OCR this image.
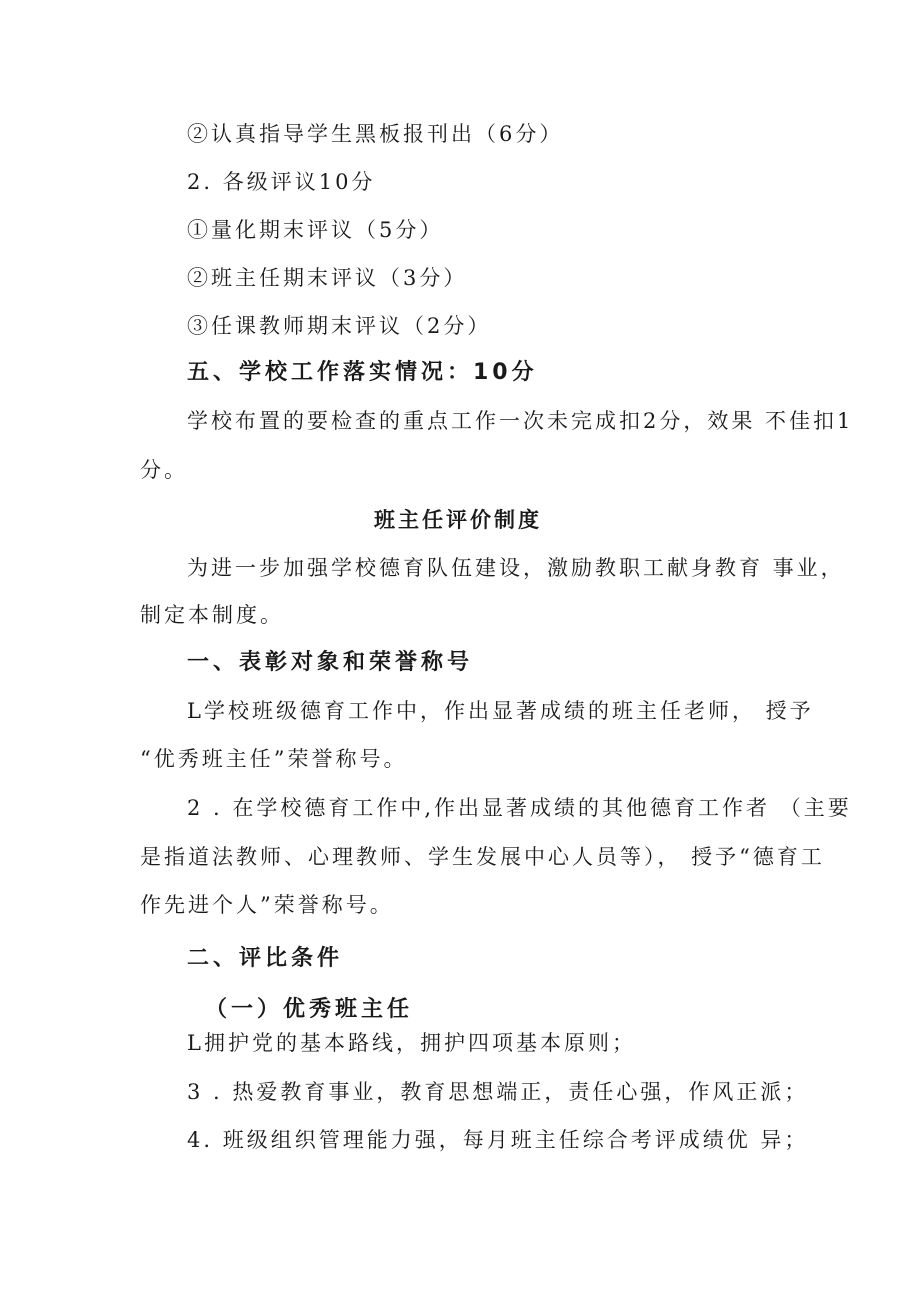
②认真指导学生黑板报刊出（6分）
2. 各级评议10分
①量化期末评议（5分）
②班主任期末评议（3分）
③任课教师期末评议（2分）
五、学校工作落实情况：10分
学校布置的要检查的重点工作一次未完成扣2分，效果 不佳扣1
分。
班主任评价制度
为进一步加强学校德育队伍建设，激励教职工献身教育 事业，
制定本制度。
一、表彰对象和荣誉称号
L学校班级德育工作中，作出显著成绩的班主任老师， 授予
“优秀班主任”荣誉称号。
2 . 在学校德育工作中,作出显著成绩的其他德育工作者 （主要
是指道法教师、心理教师、学生发展中心人员等）， 授予“德育工
作先进个人”荣誉称号。
二、评比条件
（一）优秀班主任
L拥护党的基本路线，拥护四项基本原则；
3 . 热爱教育事业，教育思想端正，责任心强，作风正派；
4. 班级组织管理能力强，每月班主任综合考评成绩优 异；
